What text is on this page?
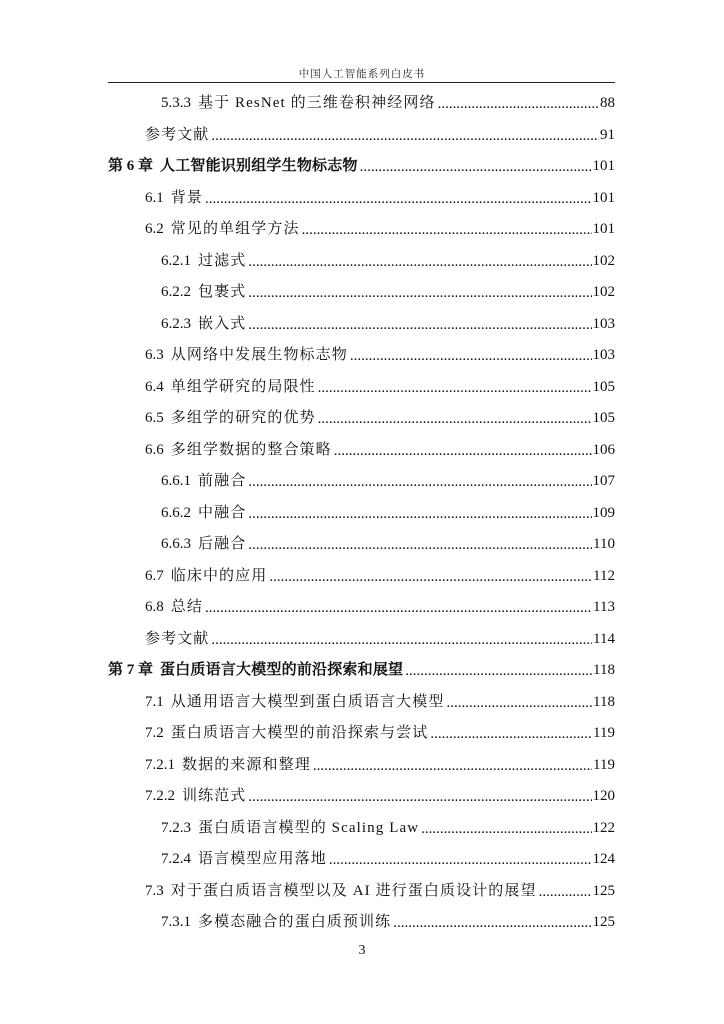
中国人工智能系列白皮书
5.3.3 基于 ResNet 的三维卷积神经网络 .....	88
参考文献 .....	91
第 6 章 人工智能识别组学生物标志物 .....	101
6.1 背景 .....	101
6.2 常见的单组学方法 .....	101
6.2.1 过滤式 .....	102
6.2.2 包裹式 .....	102
6.2.3 嵌入式 .....	103
6.3 从网络中发展生物标志物 .....	103
6.4 单组学研究的局限性 .....	105
6.5 多组学的研究的优势 .....	105
6.6 多组学数据的整合策略 .....	106
6.6.1 前融合 .....	107
6.6.2 中融合 .....	109
6.6.3 后融合 .....	110
6.7 临床中的应用 .....	112
6.8 总结 .....	113
参考文献 .....	114
第 7 章 蛋白质语言大模型的前沿探索和展望 .....	118
7.1 从通用语言大模型到蛋白质语言大模型 .....	118
7.2 蛋白质语言大模型的前沿探索与尝试 .....	119
7.2.1 数据的来源和整理 .....	119
7.2.2 训练范式 .....	120
7.2.3 蛋白质语言模型的 Scaling Law .....	122
7.2.4 语言模型应用落地 .....	124
7.3 对于蛋白质语言模型以及 AI 进行蛋白质设计的展望 .....	125
7.3.1 多模态融合的蛋白质预训练 .....	125
3
